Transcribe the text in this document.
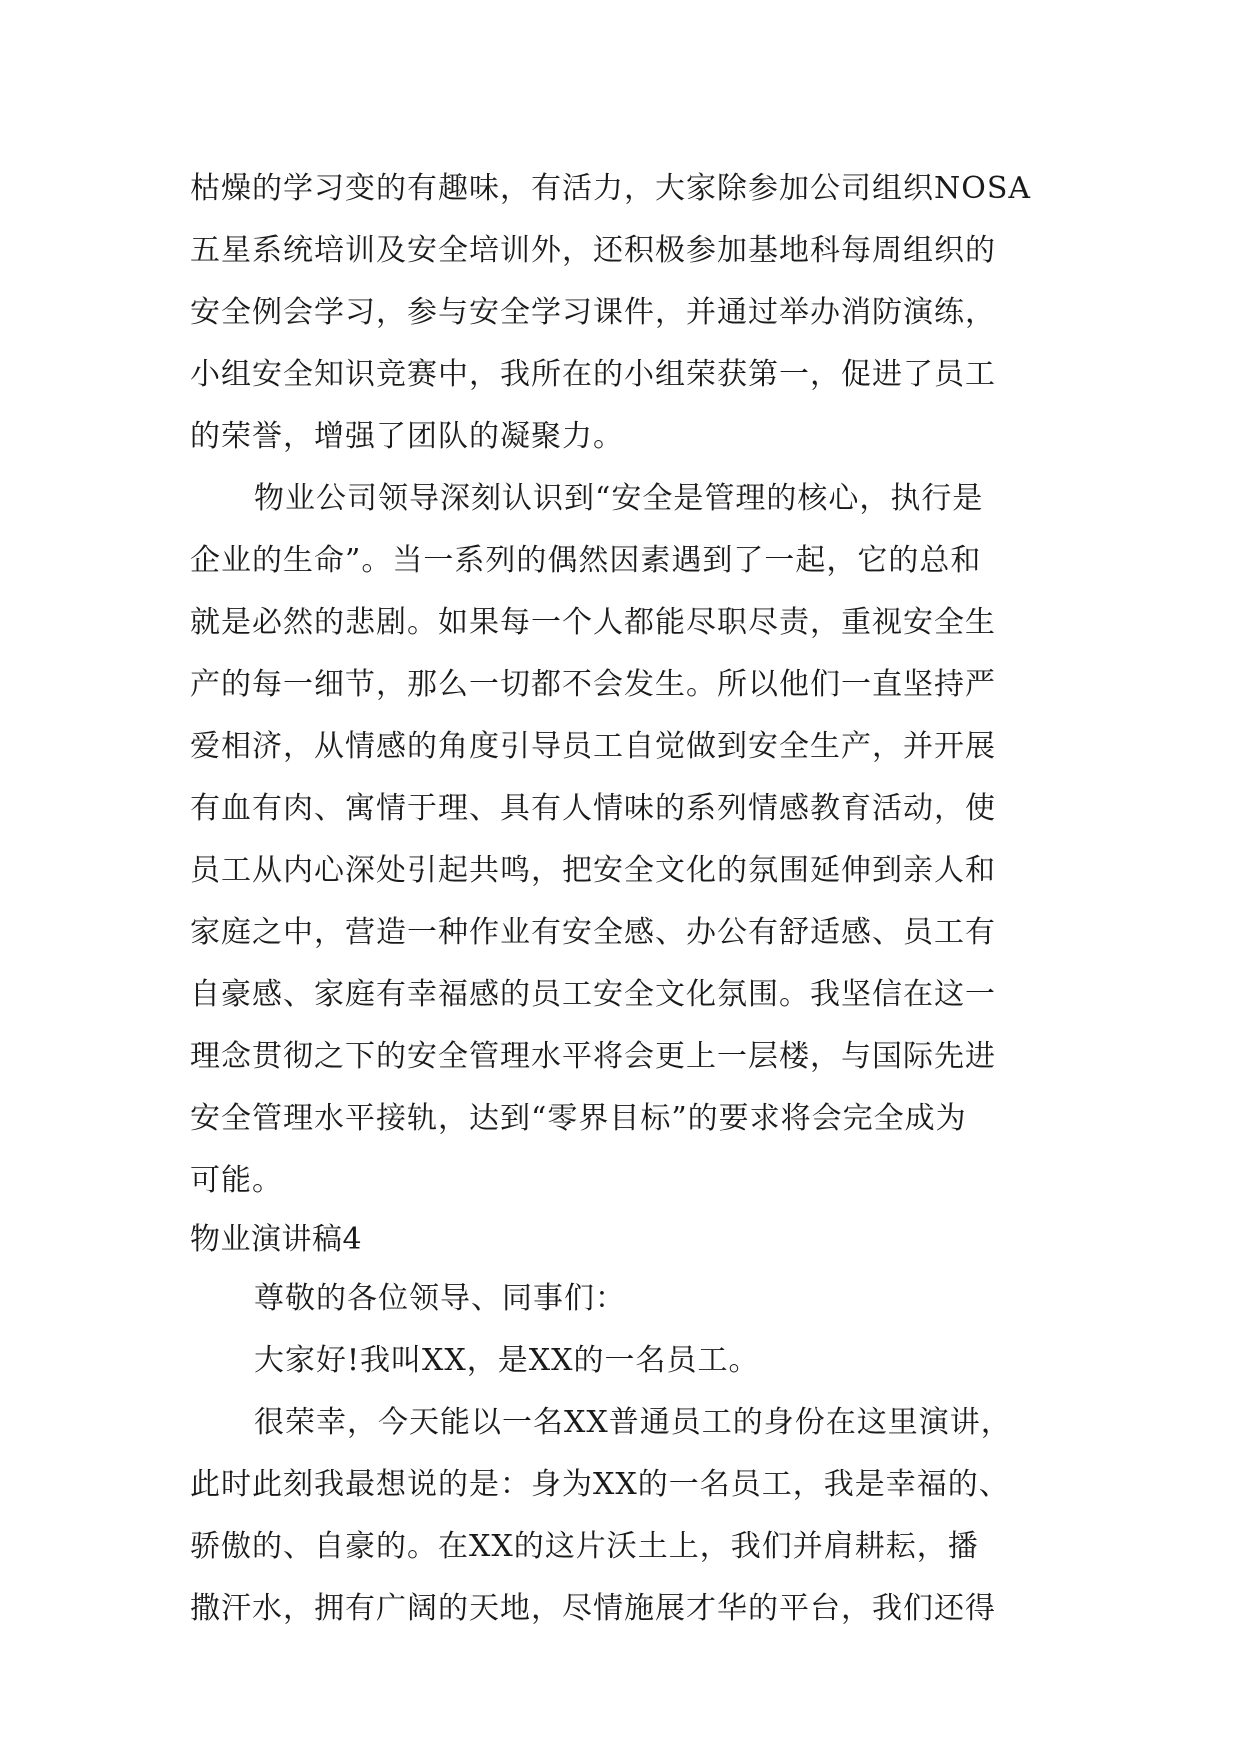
枯燥的学习变的有趣味，有活力，大家除参加公司组织NOSA
五星系统培训及安全培训外，还积极参加基地科每周组织的
安全例会学习，参与安全学习课件，并通过举办消防演练，
小组安全知识竞赛中，我所在的小组荣获第一，促进了员工
的荣誉，增强了团队的凝聚力。
物业公司领导深刻认识到“安全是管理的核心，执行是
企业的生命”。当一系列的偶然因素遇到了一起，它的总和
就是必然的悲剧。如果每一个人都能尽职尽责，重视安全生
产的每一细节，那么一切都不会发生。所以他们一直坚持严
爱相济，从情感的角度引导员工自觉做到安全生产，并开展
有血有肉、寓情于理、具有人情味的系列情感教育活动，使
员工从内心深处引起共鸣，把安全文化的氛围延伸到亲人和
家庭之中，营造一种作业有安全感、办公有舒适感、员工有
自豪感、家庭有幸福感的员工安全文化氛围。我坚信在这一
理念贯彻之下的安全管理水平将会更上一层楼，与国际先进
安全管理水平接轨，达到“零界目标”的要求将会完全成为
可能。
物业演讲稿4
尊敬的各位领导、同事们：
大家好!我叫XX，是XX的一名员工。
很荣幸，今天能以一名XX普通员工的身份在这里演讲，
此时此刻我最想说的是：身为XX的一名员工，我是幸福的、
骄傲的、自豪的。在XX的这片沃土上，我们并肩耕耘，播
撒汗水，拥有广阔的天地，尽情施展才华的平台，我们还得
